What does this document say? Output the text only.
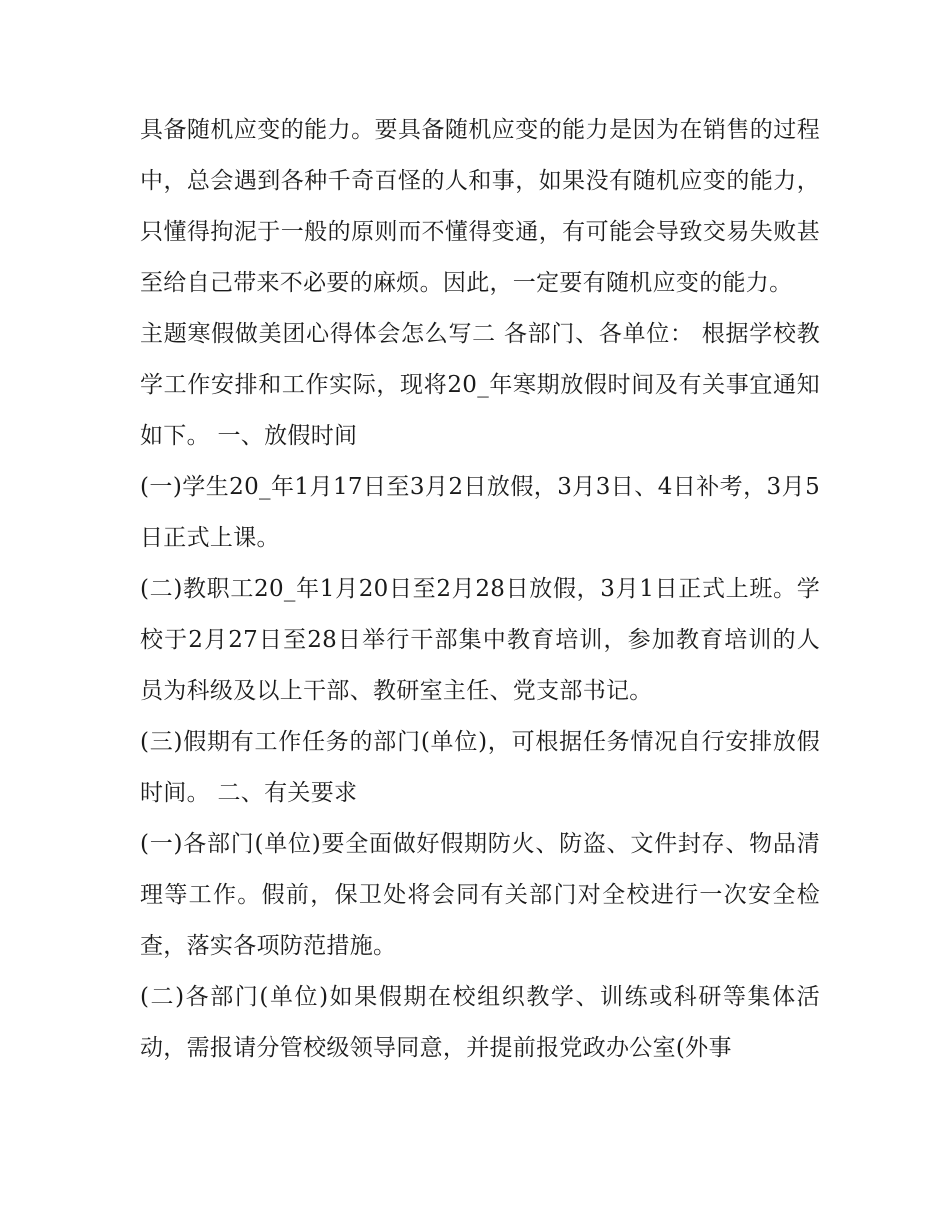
具备随机应变的能力。要具备随机应变的能力是因为在销售的过程中，总会遇到各种千奇百怪的人和事，如果没有随机应变的能力，只懂得拘泥于一般的原则而不懂得变通，有可能会导致交易失败甚至给自己带来不必要的麻烦。因此，一定要有随机应变的能力。

主题寒假做美团心得体会怎么写二 各部门、各单位： 根据学校教学工作安排和工作实际，现将20_年寒期放假时间及有关事宜通知如下。 一、放假时间

(一)学生20_年1月17日至3月2日放假，3月3日、4日补考，3月5日正式上课。

(二)教职工20_年1月20日至2月28日放假，3月1日正式上班。学校于2月27日至28日举行干部集中教育培训，参加教育培训的人员为科级及以上干部、教研室主任、党支部书记。

(三)假期有工作任务的部门(单位)，可根据任务情况自行安排放假时间。 二、有关要求

(一)各部门(单位)要全面做好假期防火、防盗、文件封存、物品清理等工作。假前，保卫处将会同有关部门对全校进行一次安全检查，落实各项防范措施。

(二)各部门(单位)如果假期在校组织教学、训练或科研等集体活动，需报请分管校级领导同意，并提前报党政办公室(外事
